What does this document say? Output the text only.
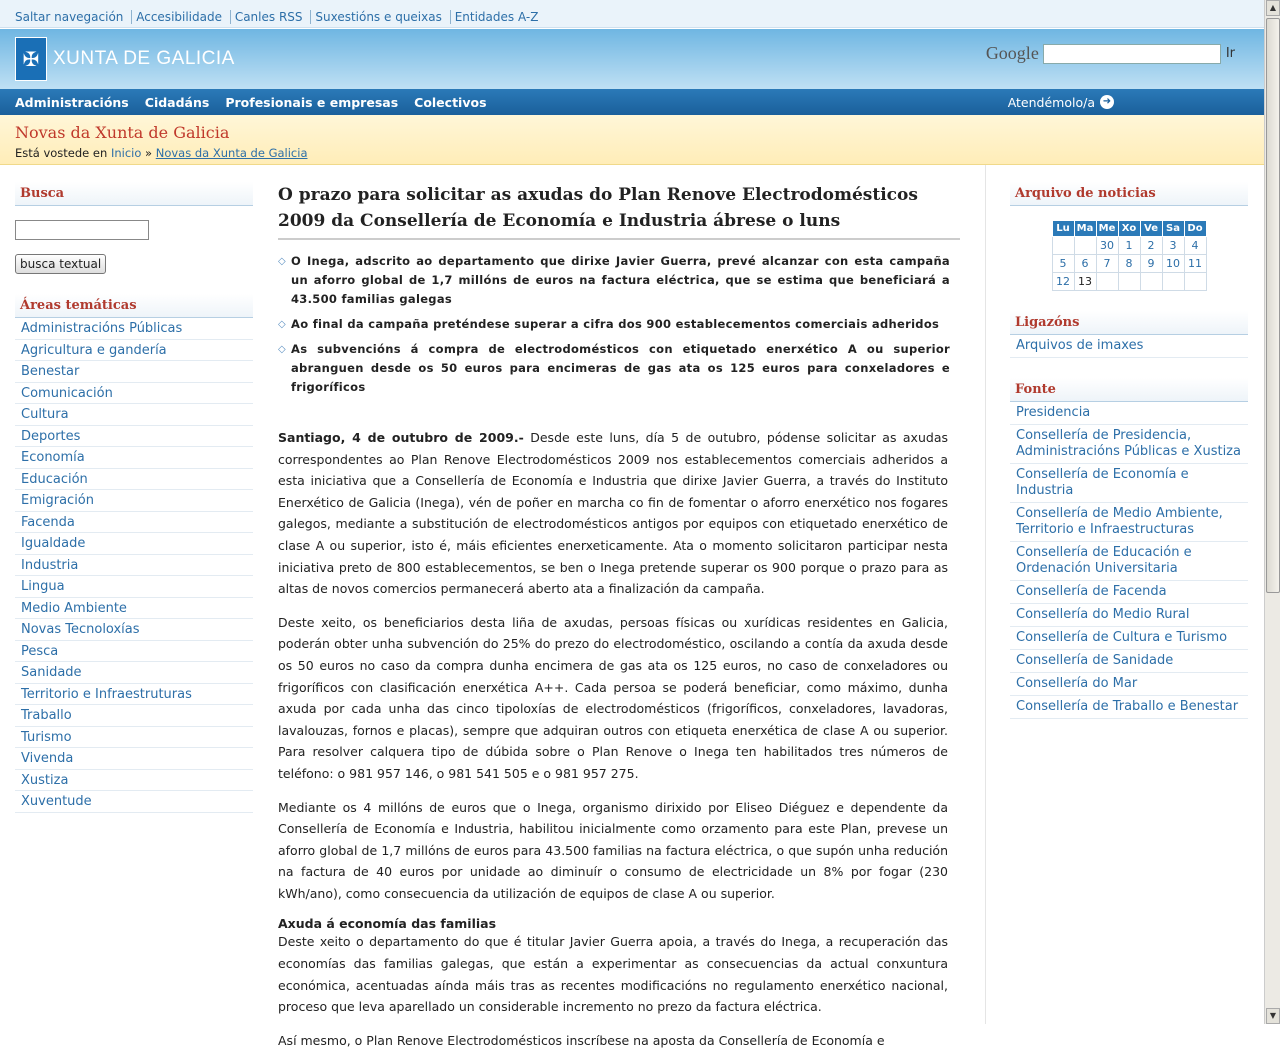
Saltar navegación Accesibilidade Canles RSS Suxestións e queixas Entidades A-Z
✠ XUNTA DE GALICIA	Google	Ir
Administracións Cidadáns Profesionais e empresas Colectivos	Atendémolo/a ➜
Novas da Xunta de Galicia
Está vostede en Inicio » Novas da Xunta de Galicia
Busca
busca textual
Áreas temáticas
Administracións Públicas
Agricultura e gandería
Benestar
Comunicación
Cultura
Deportes
Economía
Educación
Emigración
Facenda
Igualdade
Industria
Lingua
Medio Ambiente
Novas Tecnoloxías
Pesca
Sanidade
Territorio e Infraestruturas
Traballo
Turismo
Vivenda
Xustiza
Xuventude
O prazo para solicitar as axudas do Plan Renove Electrodomésticos 2009 da Consellería de Economía e Industria ábrese o luns
◇ O Inega, adscrito ao departamento que dirixe Javier Guerra, prevé alcanzar con esta campaña un aforro global de 1,7 millóns de euros na factura eléctrica, que se estima que beneficiará a 43.500 familias galegas
◇ Ao final da campaña preténdese superar a cifra dos 900 establecementos comerciais adheridos
◇ As subvencións á compra de electrodomésticos con etiquetado enerxético A ou superior abranguen desde os 50 euros para encimeras de gas ata os 125 euros para conxeladores e frigoríficos

Santiago, 4 de outubro de 2009.- Desde este luns, día 5 de outubro, pódense solicitar as axudas correspondentes ao Plan Renove Electrodomésticos 2009 nos establecementos comerciais adheridos a esta iniciativa que a Consellería de Economía e Industria que dirixe Javier Guerra, a través do Instituto Enerxético de Galicia (Inega), vén de poñer en marcha co fin de fomentar o aforro enerxético nos fogares galegos, mediante a substitución de electrodomésticos antigos por equipos con etiquetado enerxético de clase A ou superior, isto é, máis eficientes enerxeticamente. Ata o momento solicitaron participar nesta iniciativa preto de 800 establecementos, se ben o Inega pretende superar os 900 porque o prazo para as altas de novos comercios permanecerá aberto ata a finalización da campaña.

Deste xeito, os beneficiarios desta liña de axudas, persoas físicas ou xurídicas residentes en Galicia, poderán obter unha subvención do 25% do prezo do electrodoméstico, oscilando a contía da axuda desde os 50 euros no caso da compra dunha encimera de gas ata os 125 euros, no caso de conxeladores ou frigoríficos con clasificación enerxética A++. Cada persoa se poderá beneficiar, como máximo, dunha axuda por cada unha das cinco tipoloxías de electrodomésticos (frigoríficos, conxeladores, lavadoras, lavalouzas, fornos e placas), sempre que adquiran outros con etiqueta enerxética de clase A ou superior. Para resolver calquera tipo de dúbida sobre o Plan Renove o Inega ten habilitados tres números de teléfono: o 981 957 146, o 981 541 505 e o 981 957 275.

Mediante os 4 millóns de euros que o Inega, organismo dirixido por Eliseo Diéguez e dependente da Consellería de Economía e Industria, habilitou inicialmente como orzamento para este Plan, prevese un aforro global de 1,7 millóns de euros para 43.500 familias na factura eléctrica, o que supón unha redución na factura de 40 euros por unidade ao diminuír o consumo de electricidade un 8% por fogar (230 kWh/ano), como consecuencia da utilización de equipos de clase A ou superior.

Axuda á economía das familias

Deste xeito o departamento do que é titular Javier Guerra apoia, a través do Inega, a recuperación das economías das familias galegas, que están a experimentar as consecuencias da actual conxuntura económica, acentuadas aínda máis tras as recentes modificacións no regulamento enerxético nacional, proceso que leva aparellado un considerable incremento no prezo da factura eléctrica.

Así mesmo, o Plan Renove Electrodomésticos inscríbese na aposta da Consellería de Economía e

Arquivo de noticias
Lu	Ma	Me	Xo	Ve	Sa	Do
		30	1	2	3	4
5	6	7	8	9	10	11
12	13					
Ligazóns
Arquivos de imaxes
Fonte
Presidencia
Consellería de Presidencia, Administracións Públicas e Xustiza
Consellería de Economía e Industria
Consellería de Medio Ambiente, Territorio e Infraestructuras
Consellería de Educación e Ordenación Universitaria
Consellería de Facenda
Consellería do Medio Rural
Consellería de Cultura e Turismo
Consellería de Sanidade
Consellería do Mar
Consellería de Traballo e Benestar
▲
▼
